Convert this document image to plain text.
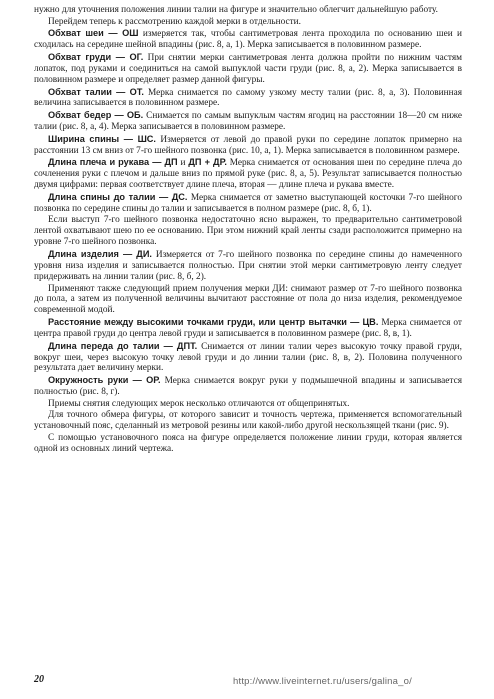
нужно для уточнения положения линии талии на фигуре и значительно облегчит дальнейшую работу.

Перейдем теперь к рассмотрению каждой мерки в отдельности.

Обхват шеи — ОШ измеряется так, чтобы сантиметровая лента проходила по основанию шеи и сходилась на середине шейной впадины (рис. 8, а, 1). Мерка записывается в половинном размере.

Обхват груди — ОГ. При снятии мерки сантиметровая лента должна пройти по нижним частям лопаток, под руками и соединиться на самой выпуклой части груди (рис. 8, а, 2). Мерка записывается в половинном размере и определяет размер данной фигуры.

Обхват талии — ОТ. Мерка снимается по самому узкому месту талии (рис. 8, а, 3). Половинная величина записывается в половинном размере.

Обхват бедер — ОБ. Снимается по самым выпуклым частям ягодиц на расстоянии 18—20 см ниже талии (рис. 8, а, 4). Мерка записывается в половинном размере.

Ширина спины — ШС. Измеряется от левой до правой руки по середине лопаток примерно на расстоянии 13 см вниз от 7-го шейного позвонка (рис. 10, а, 1). Мерка записывается в половинном размере.

Длина плеча и рукава — ДП и ДП + ДР. Мерка снимается от основания шеи по середине плеча до сочленения руки с плечом и дальше вниз по прямой руке (рис. 8, а, 5). Результат записывается полностью двумя цифрами: первая соответствует длине плеча, вторая — длине плеча и рукава вместе.

Длина спины до талии — ДС. Мерка снимается от заметно выступающей косточки 7-го шейного позвонка по середине спины до талии и записывается в полном размере (рис. 8, б, 1).

Если выступ 7-го шейного позвонка недостаточно ясно выражен, то предварительно сантиметровой лентой охватывают шею по ее основанию. При этом нижний край ленты сзади расположится примерно на уровне 7-го шейного позвонка.

Длина изделия — ДИ. Измеряется от 7-го шейного позвонка по середине спины до намеченного уровня низа изделия и записывается полностью. При снятии этой мерки сантиметровую ленту следует придерживать на линии талии (рис. 8, б, 2).

Применяют также следующий прием получения мерки ДИ: снимают размер от 7-го шейного позвонка до пола, а затем из полученной величины вычитают расстояние от пола до низа изделия, рекомендуемое современной модой.

Расстояние между высокими точками груди, или центр вытачки — ЦВ. Мерка снимается от центра правой груди до центра левой груди и записывается в половинном размере (рис. 8, в, 1).

Длина переда до талии — ДПТ. Снимается от линии талии через высокую точку правой груди, вокруг шеи, через высокую точку левой груди и до линии талии (рис. 8, в, 2). Половина полученного результата дает величину мерки.

Окружность руки — ОР. Мерка снимается вокруг руки у подмышечной впадины и записывается полностью (рис. 8, г).

Приемы снятия следующих мерок несколько отличаются от общепринятых.

Для точного обмера фигуры, от которого зависит и точность чертежа, применяется вспомогательный установочный пояс, сделанный из метровой резины или какой-либо другой нескользящей ткани (рис. 9).

С помощью установочного пояса на фигуре определяется положение линии груди, которая является одной из основных линий чертежа.

20	http://www.liveinternet.ru/users/galina_o/
